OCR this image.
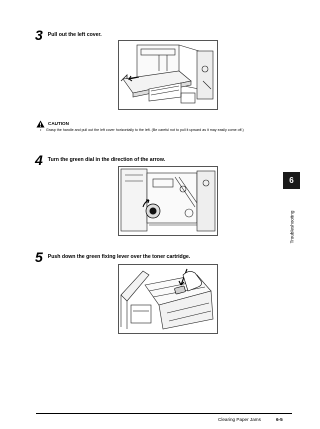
3 Pull out the left cover.
CAUTION
• Grasp the handle and pull out the left cover horizontally to the left. (Be careful not to pull it upward as it may easily come off.)
4 Turn the green dial in the direction of the arrow.
5 Push down the green fixing lever over the toner cartridge.
6
Troubleshooting
Clearing Paper Jams	6-5
